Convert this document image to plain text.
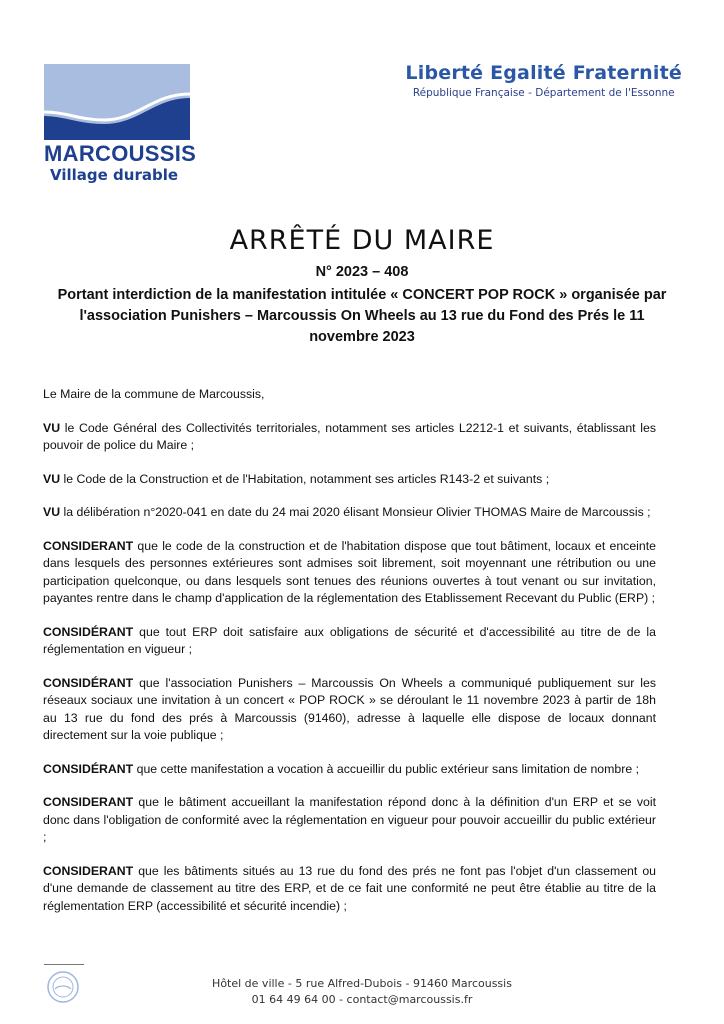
MARCOUSSIS
Village durable
Liberté Egalité Fraternité
République Française - Département de l'Essonne
ARRÊTÉ DU MAIRE
N° 2023 – 408
Portant interdiction de la manifestation intitulée « CONCERT POP ROCK » organisée par l'association Punishers – Marcoussis On Wheels au 13 rue du Fond des Prés le 11 novembre 2023

Le Maire de la commune de Marcoussis,

VU le Code Général des Collectivités territoriales, notamment ses articles L2212-1 et suivants, établissant les pouvoir de police du Maire ;

VU le Code de la Construction et de l'Habitation, notamment ses articles R143-2 et suivants ;

VU la délibération n°2020-041 en date du 24 mai 2020 élisant Monsieur Olivier THOMAS Maire de Marcoussis ;

CONSIDERANT que le code de la construction et de l'habitation dispose que tout bâtiment, locaux et enceinte dans lesquels des personnes extérieures sont admises soit librement, soit moyennant une rétribution ou une participation quelconque, ou dans lesquels sont tenues des réunions ouvertes à tout venant ou sur invitation, payantes rentre dans le champ d'application de la réglementation des Etablissement Recevant du Public (ERP) ;

CONSIDÉRANT que tout ERP doit satisfaire aux obligations de sécurité et d'accessibilité au titre de de la réglementation en vigueur ;

CONSIDÉRANT que l'association Punishers – Marcoussis On Wheels a communiqué publiquement sur les réseaux sociaux une invitation à un concert « POP ROCK » se déroulant le 11 novembre 2023 à partir de 18h au 13 rue du fond des prés à Marcoussis (91460), adresse à laquelle elle dispose de locaux donnant directement sur la voie publique ;

CONSIDÉRANT que cette manifestation a vocation à accueillir du public extérieur sans limitation de nombre ;

CONSIDERANT que le bâtiment accueillant la manifestation répond donc à la définition d'un ERP et se voit donc dans l'obligation de conformité avec la réglementation en vigueur pour pouvoir accueillir du public extérieur ;

CONSIDERANT que les bâtiments situés au 13 rue du fond des prés ne font pas l'objet d'un classement ou d'une demande de classement au titre des ERP, et de ce fait une conformité ne peut être établie au titre de la réglementation ERP (accessibilité et sécurité incendie) ;

Hôtel de ville - 5 rue Alfred-Dubois - 91460 Marcoussis
01 64 49 64 00 - contact@marcoussis.fr
